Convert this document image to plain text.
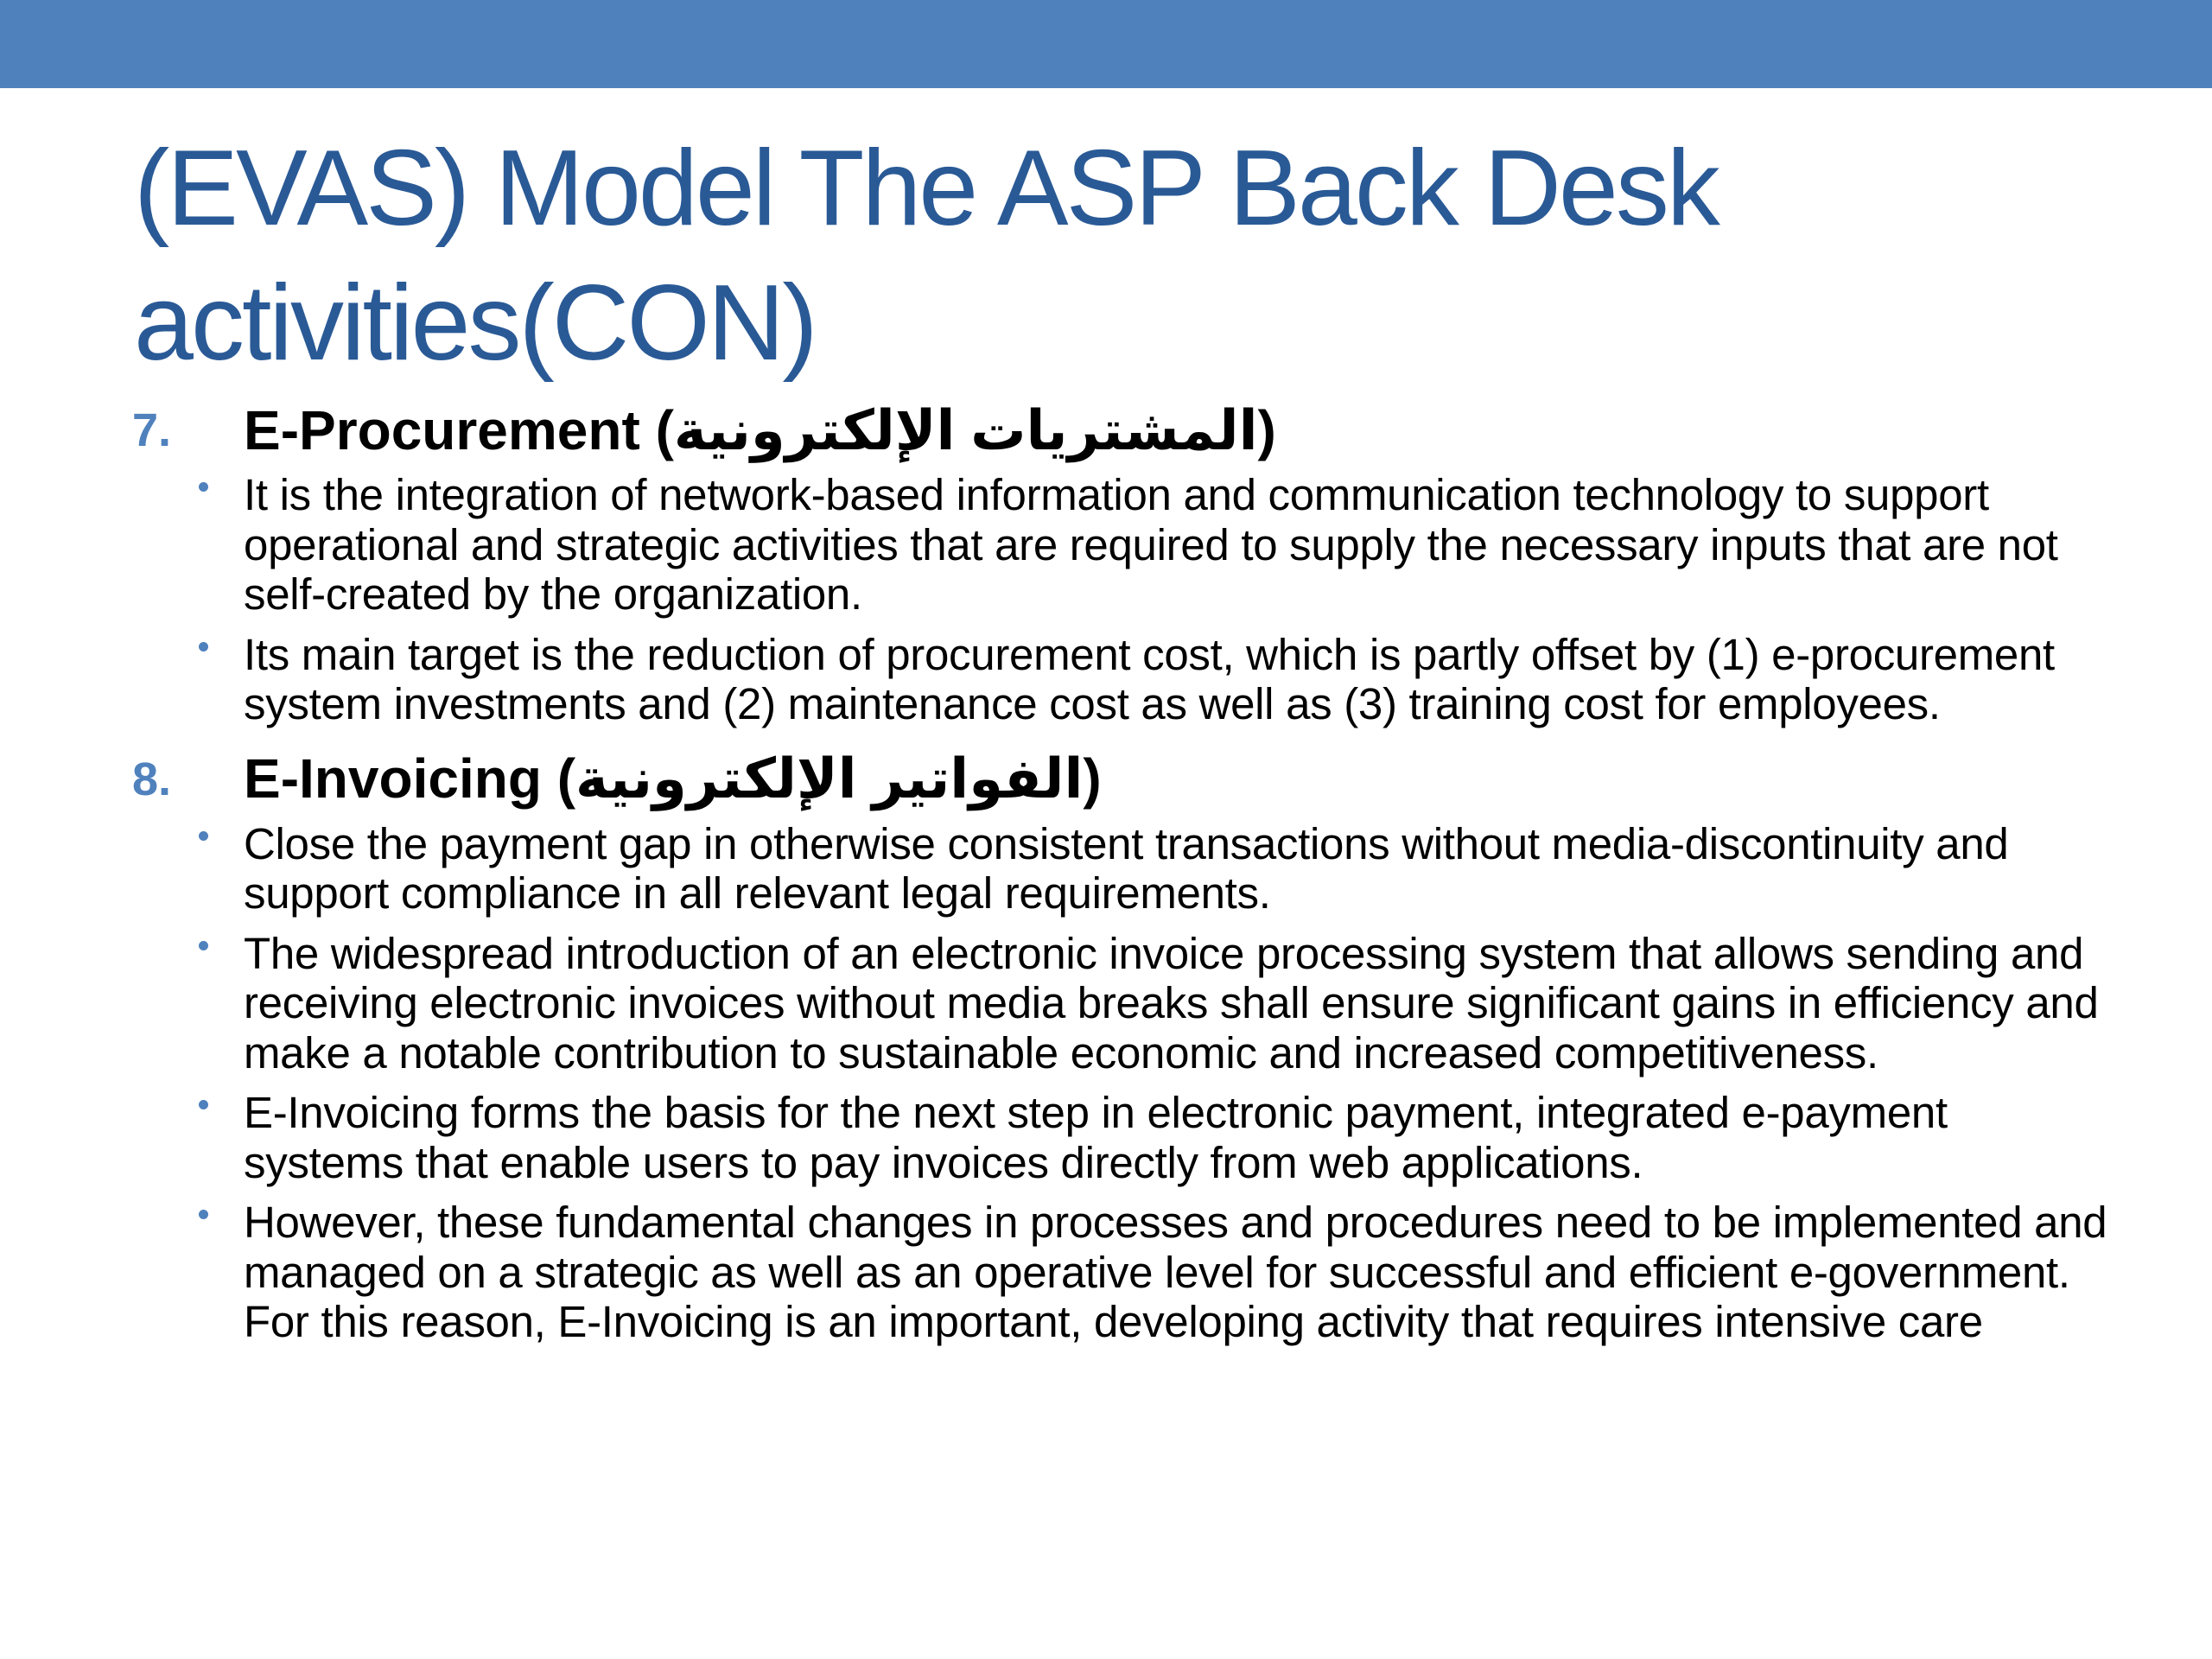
(EVAS) Model The ASP Back Desk activities(CON)
7.	E-Procurement (المشتريات الإلكترونية)
It is the integration of network-based information and communication technology to support operational and strategic activities that are required to supply the necessary inputs that are not self-created by the organization.
Its main target is the reduction of procurement cost, which is partly offset by (1) e-procurement system investments and (2) maintenance cost as well as (3) training cost for employees.
8.	E-Invoicing (الفواتير الإلكترونية)
Close the payment gap in otherwise consistent transactions without media-discontinuity and support compliance in all relevant legal requirements.
The widespread introduction of an electronic invoice processing system that allows sending and receiving electronic invoices without media breaks shall ensure significant gains in efficiency and make a notable contribution to sustainable economic and increased competitiveness.
E-Invoicing forms the basis for the next step in electronic payment, integrated e-payment systems that enable users to pay invoices directly from web applications.
However, these fundamental changes in processes and procedures need to be implemented and managed on a strategic as well as an operative level for successful and efficient e-government. For this reason, E-Invoicing is an important, developing activity that requires intensive care
